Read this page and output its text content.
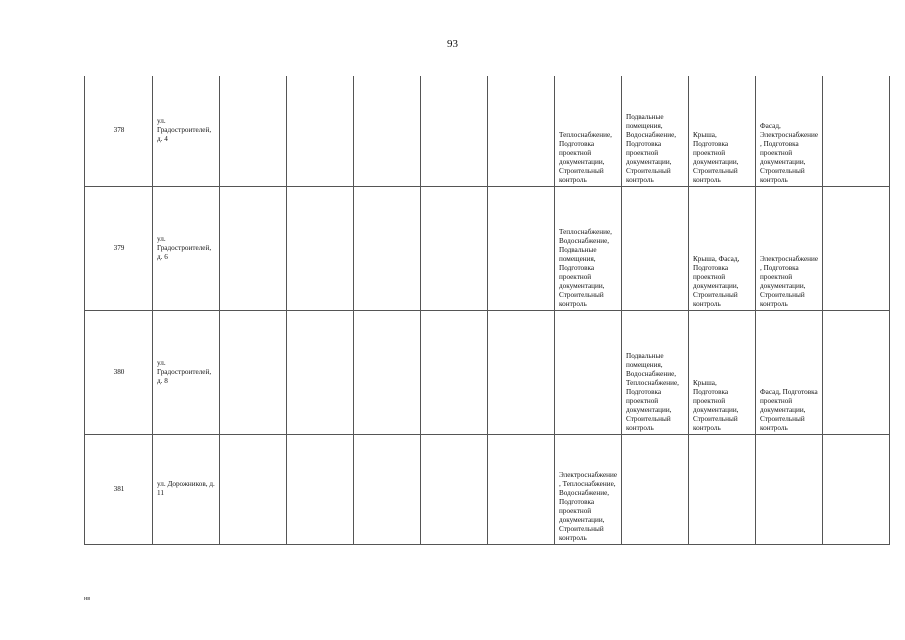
93
378	ул. Градостроителей, д. 4						Теплоснабжение, Подготовка проектной документации, Строительный контроль	Подвальные помещения, Водоснабжение, Подготовка проектной документации, Строительный контроль	Крыша, Подготовка проектной документации, Строительный контроль	Фасад, Электроснабжение, Подготовка проектной документации, Строительный контроль	
379	ул. Градостроителей, д. 6						Теплоснабжение, Водоснабжение, Подвальные помещения, Подготовка проектной документации, Строительный контроль		Крыша, Фасад, Подготовка проектной документации, Строительный контроль	Электроснабжение, Подготовка проектной документации, Строительный контроль	
380	ул. Градостроителей, д. 8							Подвальные помещения, Водоснабжение, Теплоснабжение, Подготовка проектной документации, Строительный контроль	Крыша, Подготовка проектной документации, Строительный контроль	Фасад, Подготовка проектной документации, Строительный контроль	
381	ул. Дорожников, д. 11						Электроснабжение, Теплоснабжение, Водоснабжение, Подготовка проектной документации, Строительный контроль				
нв
